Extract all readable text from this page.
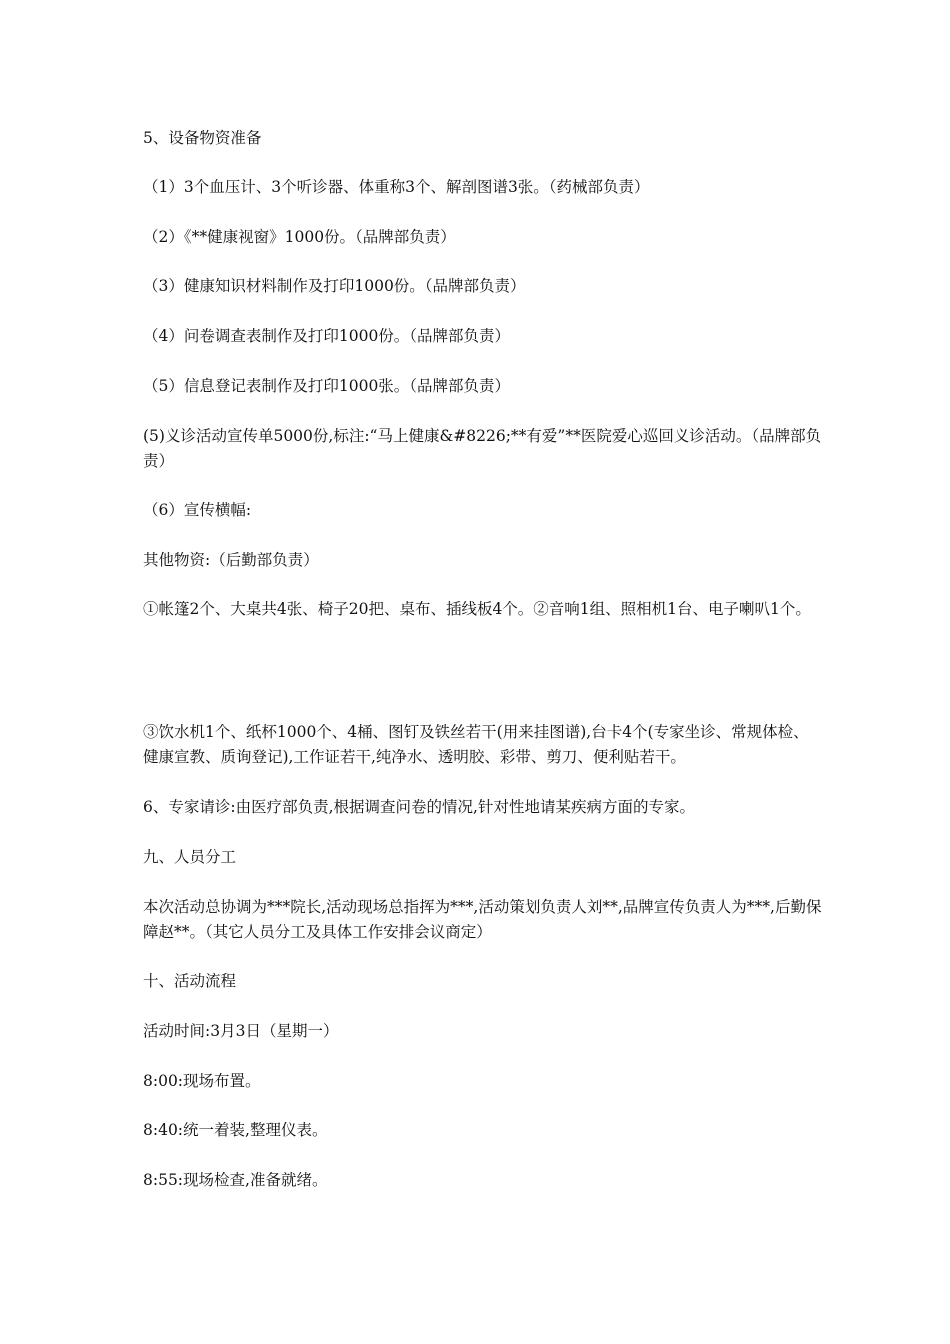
5、设备物资准备
（1）3个血压计、3个听诊器、体重称3个、解剖图谱3张。（药械部负责）
（2）《**健康视窗》1000份。（品牌部负责）
（3）健康知识材料制作及打印1000份。（品牌部负责）
（4）问卷调查表制作及打印1000份。（品牌部负责）
（5）信息登记表制作及打印1000张。（品牌部负责）
(5)义诊活动宣传单5000份,标注:“马上健康&#8226;**有爱”**医院爱心巡回义诊活动。（品牌部负责）
（6）宣传横幅:
其他物资:（后勤部负责）
①帐篷2个、大桌共4张、椅子20把、桌布、插线板4个。②音响1组、照相机1台、电子喇叭1个。
③饮水机1个、纸杯1000个、4桶、图钉及铁丝若干(用来挂图谱),台卡4个(专家坐诊、常规体检、健康宣教、质询登记),工作证若干,纯净水、透明胶、彩带、剪刀、便利贴若干。
6、专家请诊:由医疗部负责,根据调查问卷的情况,针对性地请某疾病方面的专家。
九、人员分工
本次活动总协调为***院长,活动现场总指挥为***,活动策划负责人刘**,品牌宣传负责人为***,后勤保障赵**。（其它人员分工及具体工作安排会议商定）
十、活动流程
活动时间:3月3日（星期一）
8:00:现场布置。
8:40:统一着装,整理仪表。
8:55:现场检查,准备就绪。
